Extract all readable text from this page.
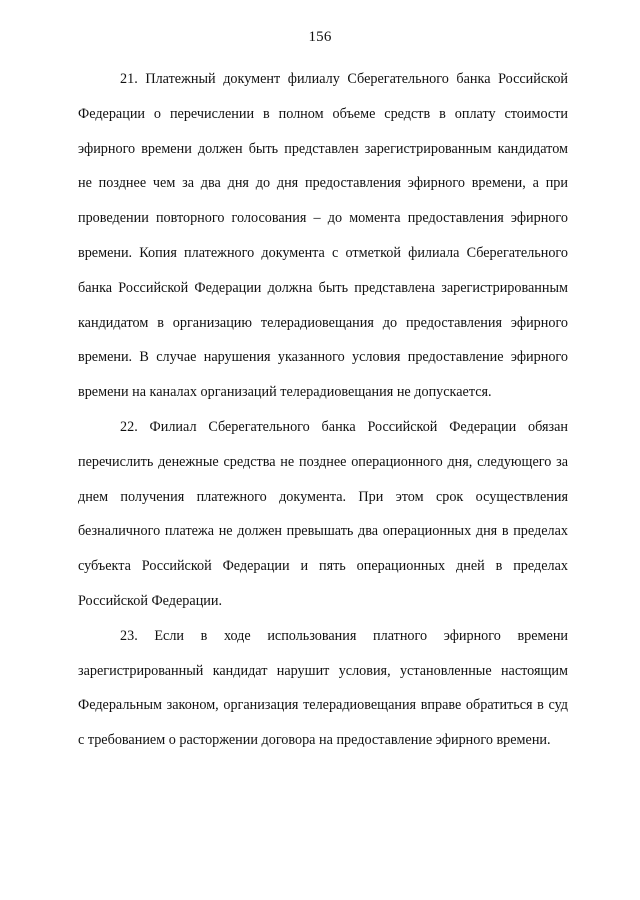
156

21. Платежный документ филиалу Сберегательного банка Российской Федерации о перечислении в полном объеме средств в оплату стоимости эфирного времени должен быть представлен зарегистрированным кандидатом не позднее чем за два дня до дня предоставления эфирного времени, а при проведении повторного голосования – до момента предоставления эфирного времени. Копия платежного документа с отметкой филиала Сберегательного банка Российской Федерации должна быть представлена зарегистрированным кандидатом в организацию телерадиовещания до предоставления эфирного времени. В случае нарушения указанного условия предоставление эфирного времени на каналах организаций телерадиовещания не допускается.

22. Филиал Сберегательного банка Российской Федерации обязан перечислить денежные средства не позднее операционного дня, следующего за днем получения платежного документа. При этом срок осуществления безналичного платежа не должен превышать два операционных дня в пределах субъекта Российской Федерации и пять операционных дней в пределах Российской Федерации.

23. Если в ходе использования платного эфирного времени зарегистрированный кандидат нарушит условия, установленные настоящим Федеральным законом, организация телерадиовещания вправе обратиться в суд с требованием о расторжении договора на предоставление эфирного времени.
